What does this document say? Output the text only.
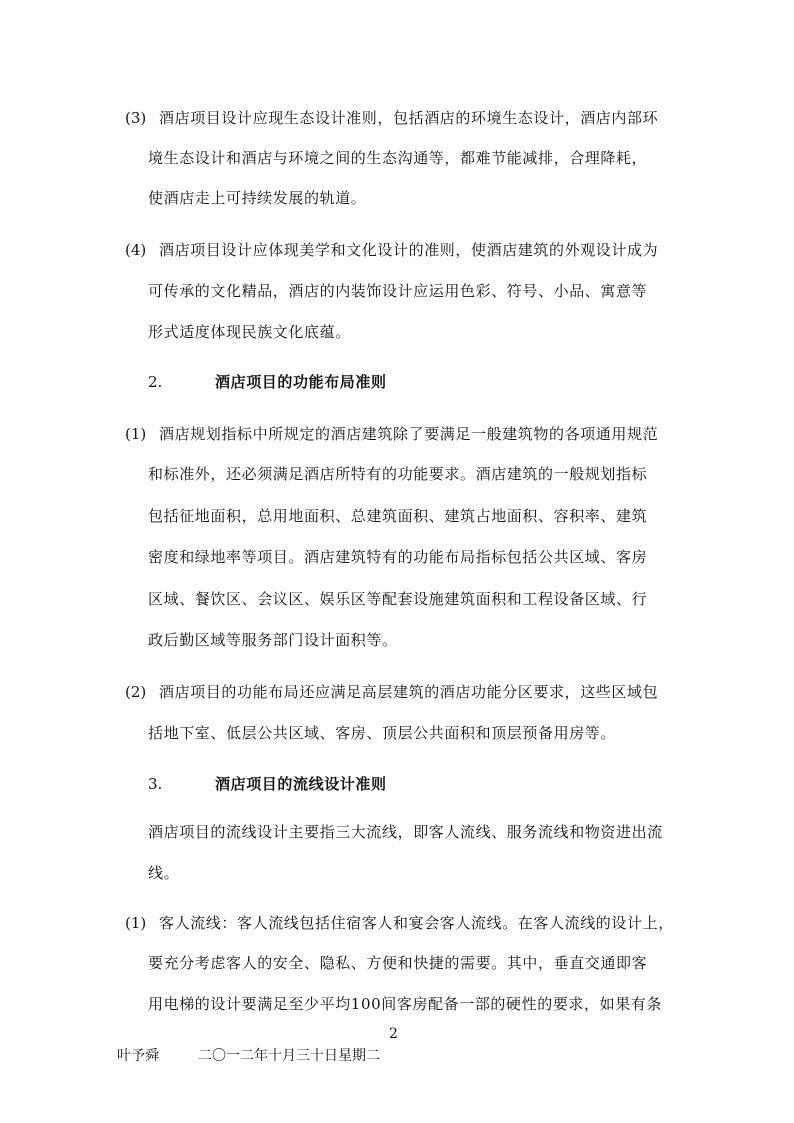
(3) 酒店项目设计应现生态设计准则，包括酒店的环境生态设计，酒店内部环
境生态设计和酒店与环境之间的生态沟通等，都难节能减排，合理降耗，
使酒店走上可持续发展的轨道。
(4) 酒店项目设计应体现美学和文化设计的准则，使酒店建筑的外观设计成为
可传承的文化精品，酒店的内装饰设计应运用色彩、符号、小品、寓意等
形式适度体现民族文化底蕴。
2.	酒店项目的功能布局准则
(1) 酒店规划指标中所规定的酒店建筑除了要满足一般建筑物的各项通用规范
和标准外，还必须满足酒店所特有的功能要求。酒店建筑的一般规划指标
包括征地面积，总用地面积、总建筑面积、建筑占地面积、容积率、建筑
密度和绿地率等项目。酒店建筑特有的功能布局指标包括公共区域、客房
区域、餐饮区、会议区、娱乐区等配套设施建筑面积和工程设备区域、行
政后勤区域等服务部门设计面积等。
(2) 酒店项目的功能布局还应满足高层建筑的酒店功能分区要求，这些区域包
括地下室、低层公共区域、客房、顶层公共面积和顶层预备用房等。
3.	酒店项目的流线设计准则
酒店项目的流线设计主要指三大流线，即客人流线、服务流线和物资进出流
线。
(1) 客人流线：客人流线包括住宿客人和宴会客人流线。在客人流线的设计上，
要充分考虑客人的安全、隐私、方便和快捷的需要。其中，垂直交通即客
用电梯的设计要满足至少平均100间客房配备一部的硬性的要求，如果有条
2
叶予舜	二〇一二年十月三十日星期二
